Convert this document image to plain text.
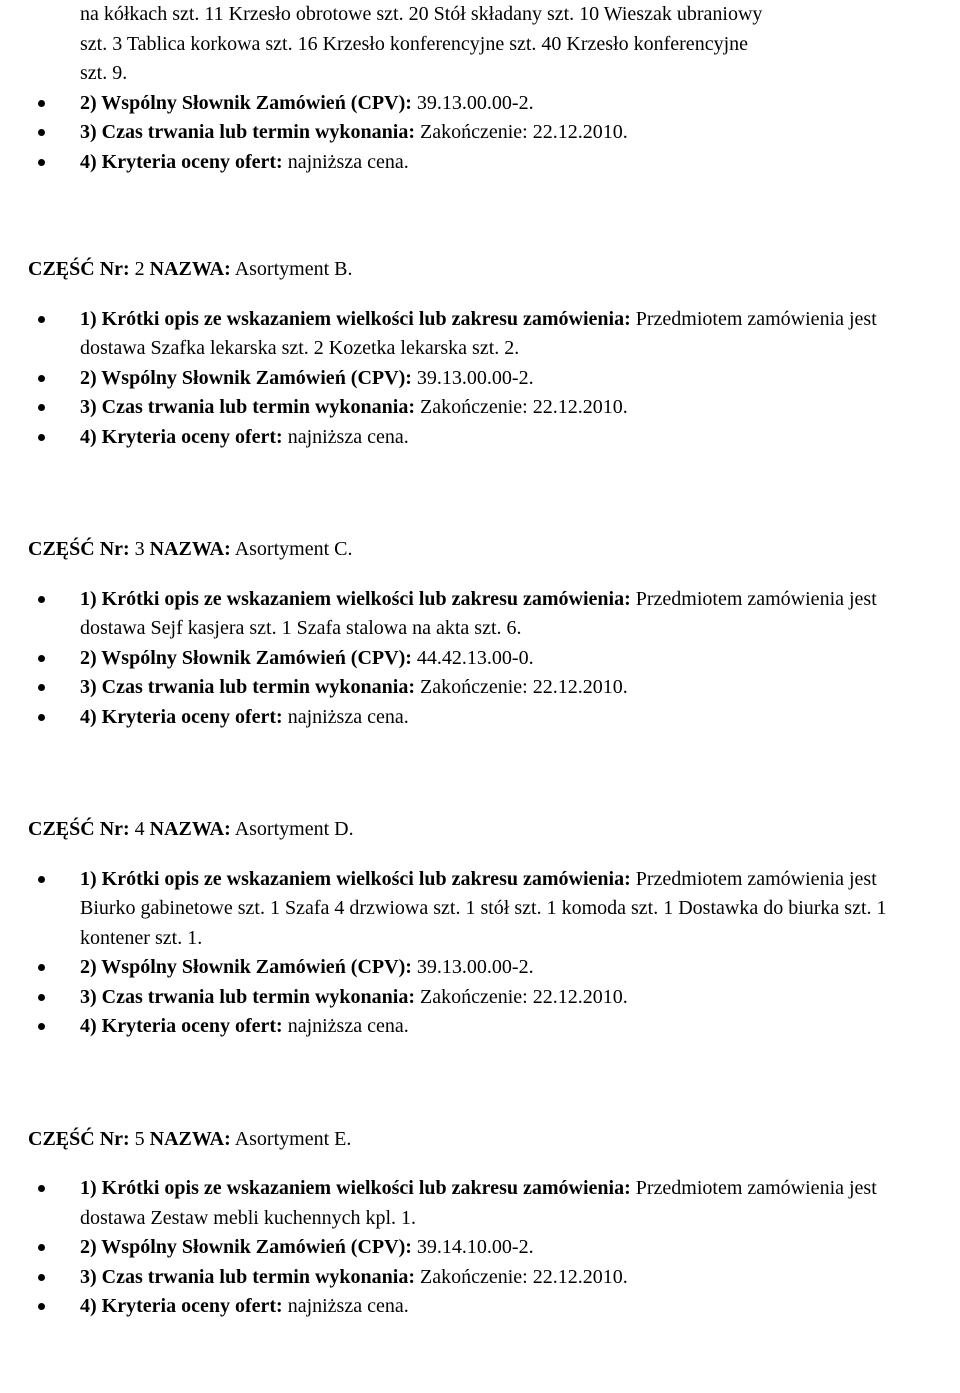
na kółkach szt. 11 Krzesło obrotowe szt. 20 Stół składany szt. 10 Wieszak ubraniowy
szt. 3 Tablica korkowa szt. 16 Krzesło konferencyjne szt. 40 Krzesło konferencyjne
szt. 9.
2) Wspólny Słownik Zamówień (CPV): 39.13.00.00-2.
3) Czas trwania lub termin wykonania: Zakończenie: 22.12.2010.
4) Kryteria oceny ofert: najniższa cena.
CZĘŚĆ Nr: 2 NAZWA: Asortyment B.
1) Krótki opis ze wskazaniem wielkości lub zakresu zamówienia: Przedmiotem zamówienia jest dostawa Szafka lekarska szt. 2 Kozetka lekarska szt. 2.
2) Wspólny Słownik Zamówień (CPV): 39.13.00.00-2.
3) Czas trwania lub termin wykonania: Zakończenie: 22.12.2010.
4) Kryteria oceny ofert: najniższa cena.
CZĘŚĆ Nr: 3 NAZWA: Asortyment C.
1) Krótki opis ze wskazaniem wielkości lub zakresu zamówienia: Przedmiotem zamówienia jest dostawa Sejf kasjera szt. 1 Szafa stalowa na akta szt. 6.
2) Wspólny Słownik Zamówień (CPV): 44.42.13.00-0.
3) Czas trwania lub termin wykonania: Zakończenie: 22.12.2010.
4) Kryteria oceny ofert: najniższa cena.
CZĘŚĆ Nr: 4 NAZWA: Asortyment D.
1) Krótki opis ze wskazaniem wielkości lub zakresu zamówienia: Przedmiotem zamówienia jest Biurko gabinetowe szt. 1 Szafa 4 drzwiowa szt. 1 stół szt. 1 komoda szt. 1 Dostawka do biurka szt. 1 kontener szt. 1.
2) Wspólny Słownik Zamówień (CPV): 39.13.00.00-2.
3) Czas trwania lub termin wykonania: Zakończenie: 22.12.2010.
4) Kryteria oceny ofert: najniższa cena.
CZĘŚĆ Nr: 5 NAZWA: Asortyment E.
1) Krótki opis ze wskazaniem wielkości lub zakresu zamówienia: Przedmiotem zamówienia jest dostawa Zestaw mebli kuchennych kpl. 1.
2) Wspólny Słownik Zamówień (CPV): 39.14.10.00-2.
3) Czas trwania lub termin wykonania: Zakończenie: 22.12.2010.
4) Kryteria oceny ofert: najniższa cena.
